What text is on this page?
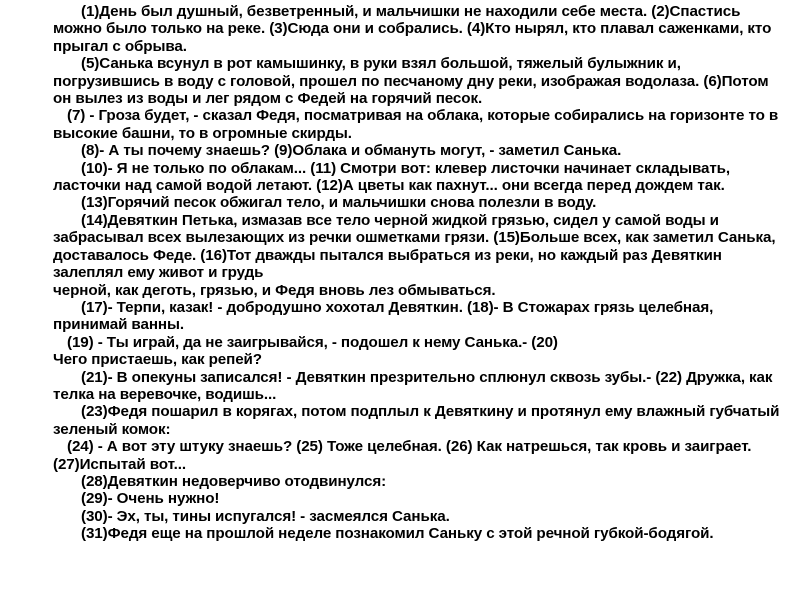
(1)День был душный, безветренный, и мальчишки не находили себе места. (2)Спастись можно было только на реке. (3)Сюда они и собрались. (4)Кто нырял, кто плавал саженками, кто прыгал с обрыва.

(5)Санька всунул в рот камышинку, в руки взял большой, тяжелый булыжник и, погрузившись в воду с головой, прошел по песчаному дну реки, изображая водолаза. (6)Потом он вылез из воды и лег рядом с Федей на горячий песок.

(7) - Гроза будет, - сказал Федя, посматривая на облака, которые собирались на горизонте то в высокие башни, то в огромные скирды.

(8)- А ты почему знаешь? (9)Облака и обмануть могут, - заметил Санька.

(10)- Я не только по облакам... (11) Смотри вот: клевер листочки начинает складывать, ласточки над самой водой летают. (12)А цветы как пахнут... они всегда перед дождем так.

(13)Горячий песок обжигал тело, и мальчишки снова полезли в воду.

(14)Девяткин Петька, измазав все тело черной жидкой грязью, сидел у самой воды и забрасывал всех вылезающих из речки ошметками грязи. (15)Больше всех, как заметил Санька, доставалось Феде. (16)Тот дважды пытался выбраться из реки, но каждый раз Девяткин залеплял ему живот и грудь

черной, как деготь, грязью, и Федя вновь лез обмываться.

(17)- Терпи, казак! - добродушно хохотал Девяткин. (18)- В Стожарах грязь целебная, принимай ванны.

(19) - Ты играй, да не заигрывайся, - подошел к нему Санька.- (20)

Чего пристаешь, как репей?

(21)- В опекуны записался! - Девяткин презрительно сплюнул сквозь зубы.- (22) Дружка, как телка на веревочке, водишь...

(23)Федя пошарил в корягах, потом подплыл к Девяткину и протянул ему влажный губчатый зеленый комок:

(24) - А вот эту штуку знаешь? (25) Тоже целебная. (26) Как натрешься, так кровь и заиграет. (27)Испытай вот...

(28)Девяткин недоверчиво отодвинулся:

(29)- Очень нужно!

(30)- Эх, ты, тины испугался! - засмеялся Санька.

(31)Федя еще на прошлой неделе познакомил Саньку с этой речной губкой-бодягой.
